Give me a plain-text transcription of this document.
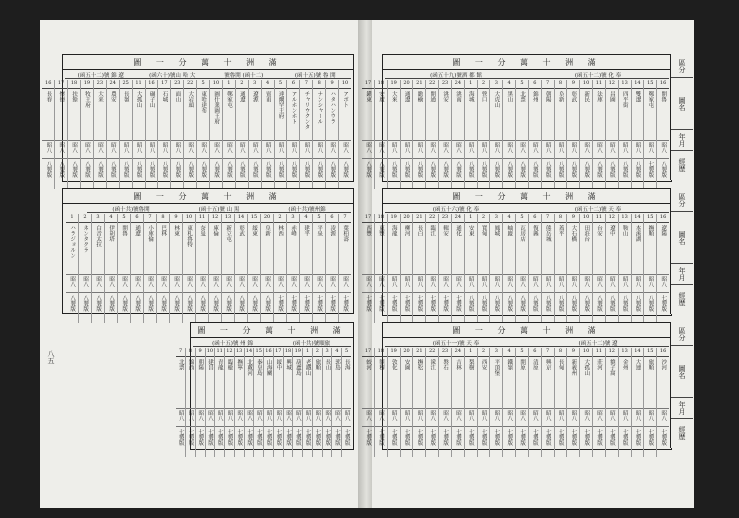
八五
圖 一 分 萬 十 洲 滿
(函十五)號 魯 開
號魯開 (函十二)
(函六十)號山 哈 大
(函五十二)號 錦 遼
10
アボト
昭八
八製版
9
ハタハンウラ
昭八
八製版
8
ナンシャール
昭八
八製版
7
チャリウクンタ
昭八
八製版
6
アルホンホト
昭八
八製版
5
達爾罕王府
昭八
八製版
4
賓甫
昭八
八製版
3
遼源
昭八
八製版
2
通遼
昭八
八製版
1
鄭家屯
昭八
八製版
10
圖什業圖王府
昭八
八製版
5
東哈達布
昭八
八製版
22
大岩頭
昭八
八製版
23
面山
昭八
八製版
17
石城
昭八
八製版
16
碾子山
昭八
八製版
11
大孤山
昭八
八製版
25
長嶺
昭八
八製版
24
農安
昭八
八製版
23
大来
昭八
八製版
19
牧王府
昭八
八製版
18
扶餘
昭八
八製版
17
懷德
昭八
八製版
16
長春
昭八
八製版
圖 一 分 萬 十 洲 滿
(函十共)號州錦
(函十五)號 山 黒
(函十共)號魯開
7
葉柏壽
昭八
七製版
6
凌源
昭八
七製版
5
平泉
昭八
七製版
4
建平
昭八
七製版
3
赤峰
昭八
七製版
2
林西
昭八
七製版
20
阜新
昭八
八製版
15
綏東
昭八
八製版
14
彰武
昭八
八製版
13
新立屯
昭八
八製版
12
庫倫
昭八
八製版
11
奈曼
昭八
八製版
10
東札魯特
昭八
八製版
9
林東
昭八
八製版
8
巴林
昭八
八製版
7
小庫倫
昭八
八製版
6
通遼
昭八
八製版
5
開魯
昭八
八製版
4
伊胡塔
昭八
八製版
3
白音太拉
昭八
八製版
2
ネンタクラ
昭八
八製版
1
ハラジョルン
昭八
八製版
圖 一 分 萬 十 洲 滿
(函十共)號順旅
(函十五)號 州 錦
5
長海
昭八
七製版
4
郭島
昭八
七製版
3
長山
昭八
七製版
2
旅順
昭八
七製版
1
老鐵山
昭八
七製版
19
葫蘆島
昭八
七製版
18
興城
昭八
七製版
17
綏中
昭八
七製版
16
山海關
昭八
七製版
15
秦皇島
昭八
七製版
14
北戴河
昭八
七製版
13
撫寧
昭八
七製版
12
臨楡
昭八
七製版
11
青龍
昭八
七製版
10
建昌
昭八
七製版
9
朝陽
昭八
七製版
8
錦西
昭八
七製版
7
北票
昭八
七製版
圖 一 分 萬 十 洲 滿
(函五十二)號 化 奉
(函五十九)號洒 都 館
16
開魯
昭八
八製版
15
鄭家屯
昭八
七製版
14
雙遼
昭八
八製版
13
四平街
昭八
八製版
12
昌圖
昭八
八製版
11
法庫
昭八
八製版
10
新民
昭八
八製版
9
彰武
昭八
八製版
8
阜新
昭八
八製版
7
朝陽
昭八
八製版
6
錦州
昭八
八製版
5
北票
昭八
八製版
4
黑山
昭八
八製版
3
大虎山
昭八
八製版
2
營口
昭八
八製版
1
海城
昭八
八製版
24
洮南
昭八
八製版
23
洮安
昭八
八製版
22
開通
昭八
八製版
21
瞻榆
昭八
八製版
20
通遼
昭八
八製版
19
大來
昭八
八製版
18
安廣
昭八
八製版
17
鎭東
昭八
八製版
區分
圖名
年月
經歷
圖 一 分 萬 十 洲 滿
(函五十二)號 天 奉
(函五十六)號 化 奉
16
遼陽
昭八
七製版
15
撫順
昭八
八製版
14
本溪湖
昭八
八製版
13
鞍山
昭八
八製版
12
遼中
昭八
八製版
11
台安
昭八
八製版
10
田莊台
昭八
八製版
9
大石橋
昭八
八製版
8
蓋平
昭八
八製版
7
熊岳城
昭八
八製版
6
復縣
昭八
八製版
5
瓦房店
昭八
八製版
4
岫巖
昭八
八製版
3
鳳城
昭八
八製版
2
寬甸
昭八
八製版
1
安東
昭八
八製版
24
通化
昭八
七製版
23
輯安
昭八
七製版
22
臨江
昭八
七製版
21
長白
昭八
七製版
20
柳河
昭八
七製版
19
海龍
昭八
七製版
18
東豐
昭八
七製版
17
西豐
昭八
七製版
區分
圖名
年月
經歷
圖 一 分 萬 十 洲 滿
(函五十二)號 遼
(函五十一)號 天 奉
16
沙河
昭八
七製版
15
旅順
昭八
七製版
14
大連
昭八
七製版
13
金州
昭八
七製版
12
貔子窩
昭八
七製版
11
莊河
昭八
七製版
10
大孤山
昭八
七製版
9
新義州
昭八
七製版
8
長甸
昭八
七製版
7
興京
昭八
七製版
6
清原
昭八
七製版
5
開原
昭八
七製版
4
鐵嶺
昭八
七製版
3
平頂堡
昭八
七製版
2
西安
昭八
七製版
1
梨樹
昭八
七製版
24
吉林
昭八
七製版
23
磐石
昭八
七製版
22
濛江
昭八
七製版
21
撫松
昭八
七製版
20
安圖
昭八
七製版
19
敦化
昭八
七製版
18
額穆
昭八
七製版
17
蛟河
昭八
七製版
區分
圖名
年月
經歷
